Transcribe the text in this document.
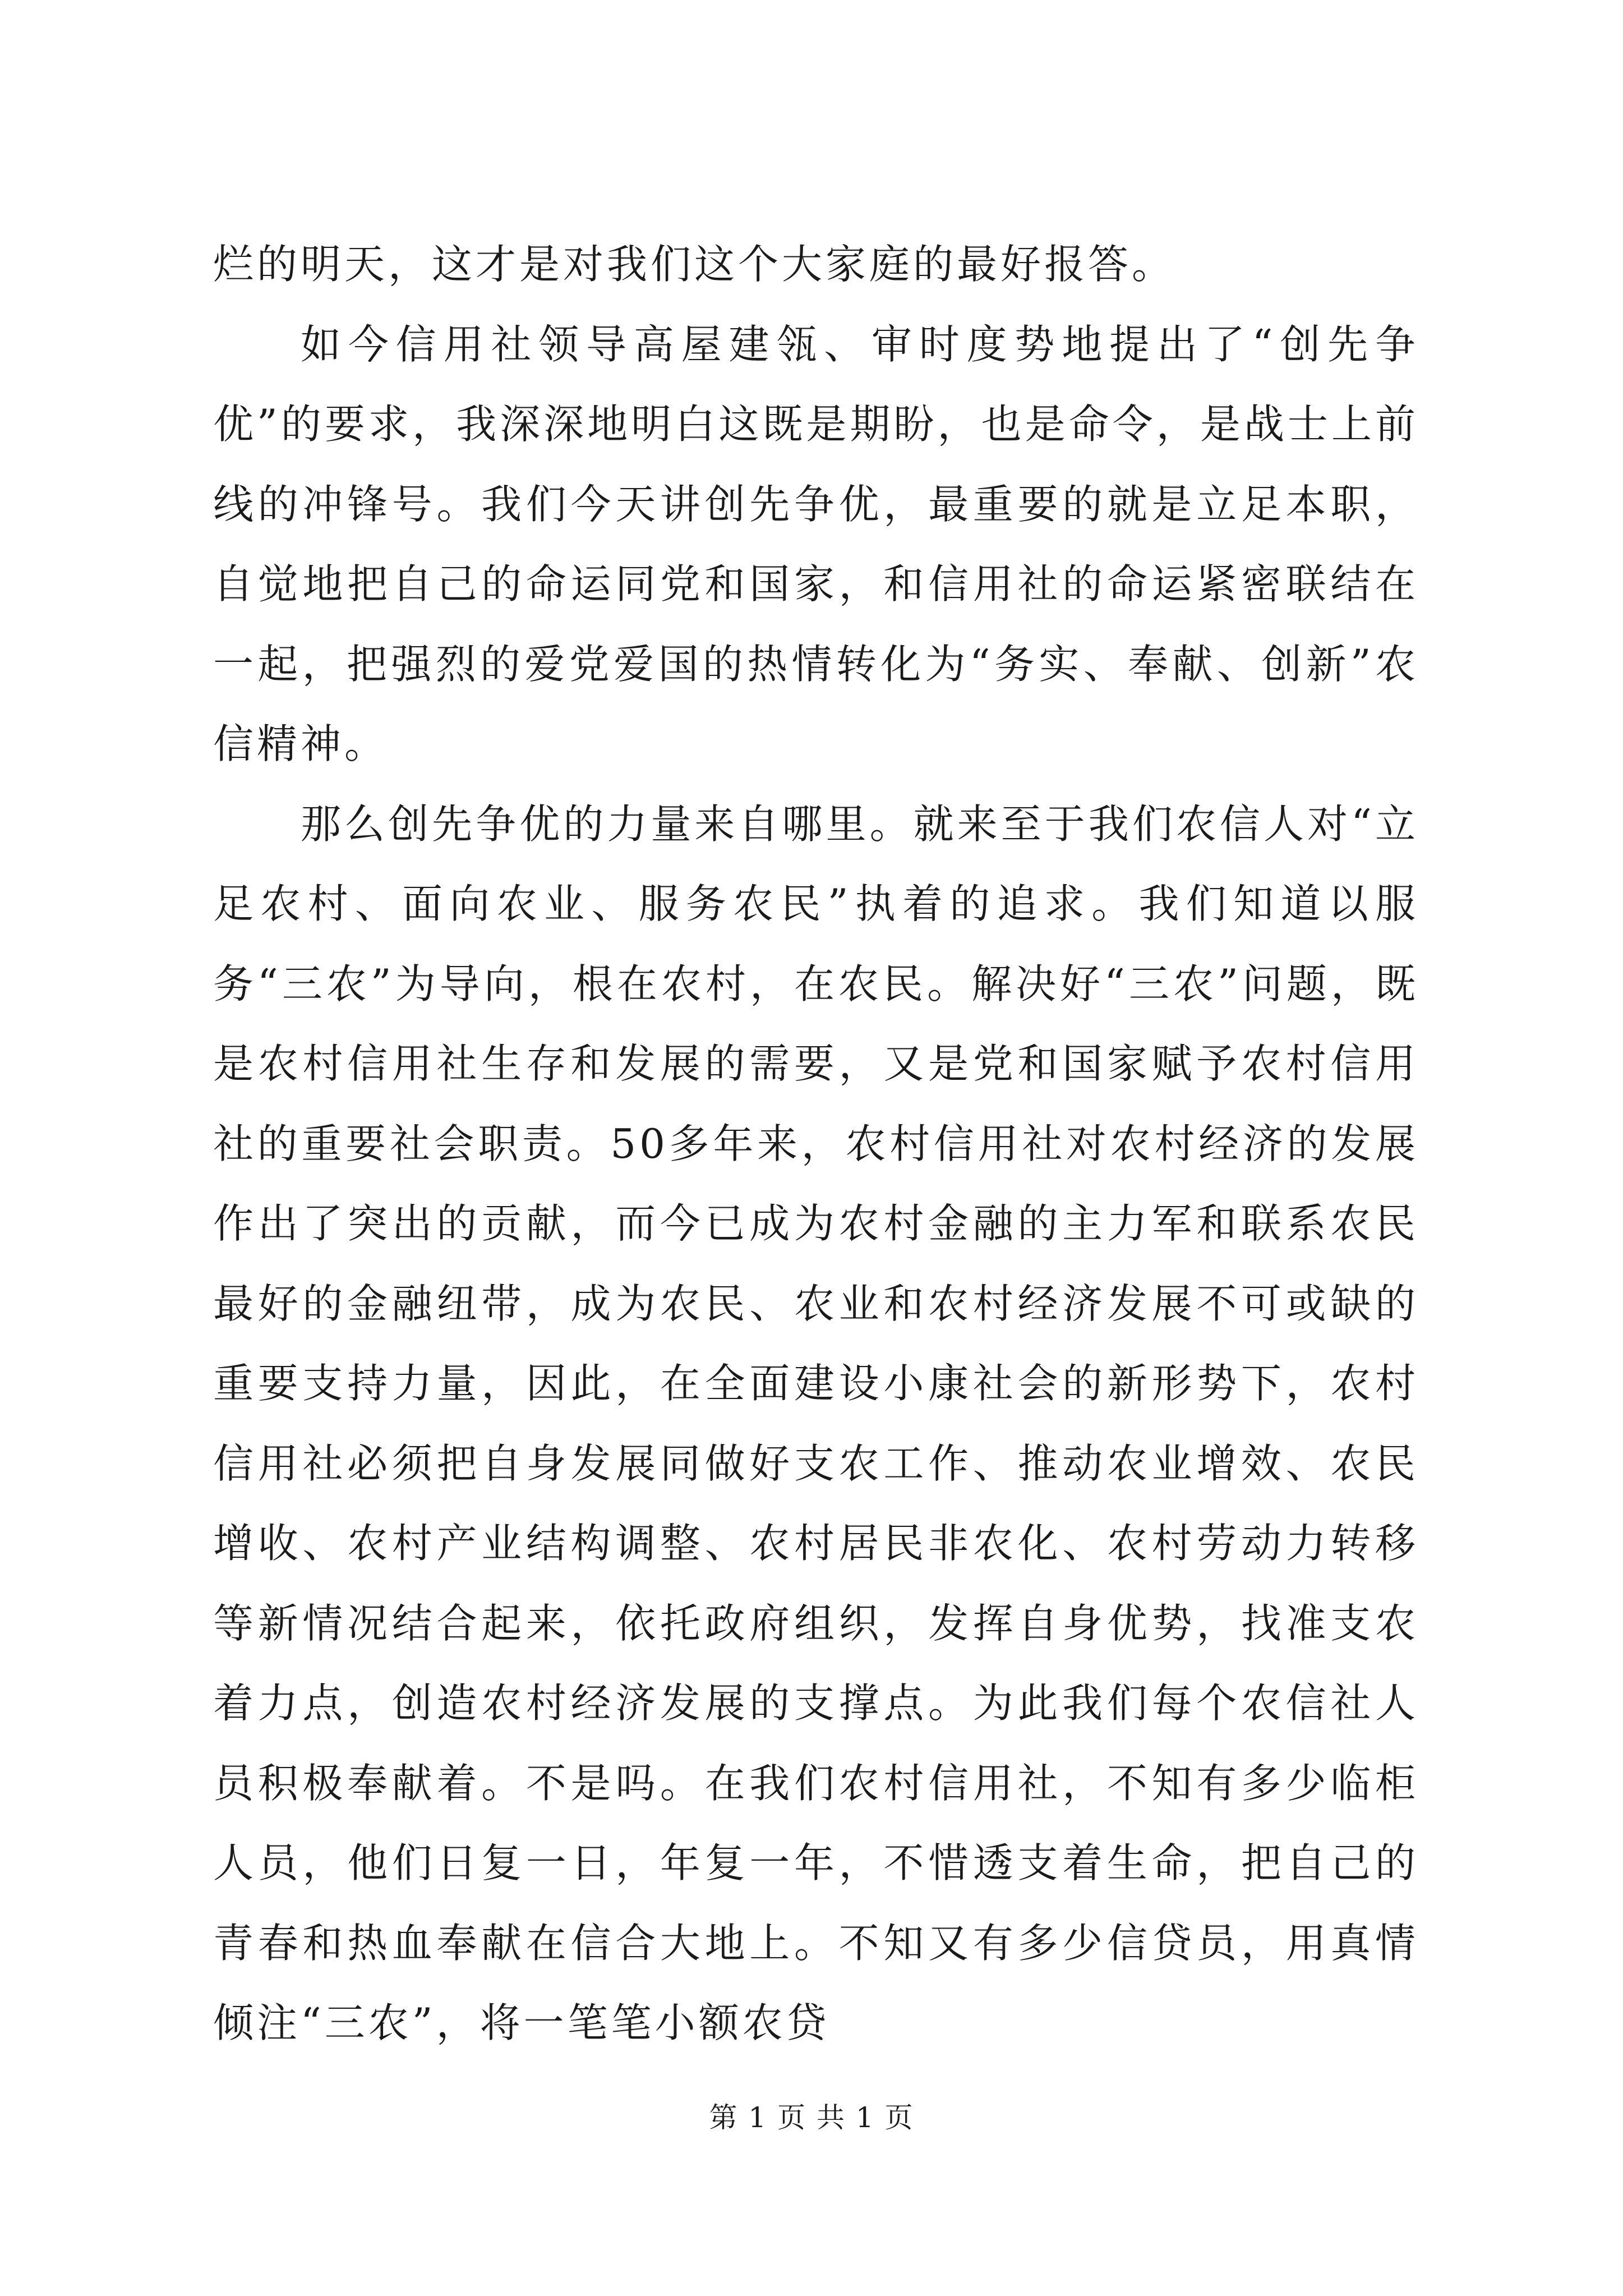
烂的明天，这才是对我们这个大家庭的最好报答。

如今信用社领导高屋建瓴、审时度势地提出了“创先争优”的要求，我深深地明白这既是期盼，也是命令，是战士上前线的冲锋号。我们今天讲创先争优，最重要的就是立足本职，自觉地把自己的命运同党和国家，和信用社的命运紧密联结在一起，把强烈的爱党爱国的热情转化为“务实、奉献、创新”农信精神。

那么创先争优的力量来自哪里。就来至于我们农信人对“立足农村、面向农业、服务农民”执着的追求。我们知道以服务“三农”为导向，根在农村，在农民。解决好“三农”问题，既是农村信用社生存和发展的需要，又是党和国家赋予农村信用社的重要社会职责。50多年来，农村信用社对农村经济的发展作出了突出的贡献，而今已成为农村金融的主力军和联系农民最好的金融纽带，成为农民、农业和农村经济发展不可或缺的重要支持力量，因此，在全面建设小康社会的新形势下，农村信用社必须把自身发展同做好支农工作、推动农业增效、农民增收、农村产业结构调整、农村居民非农化、农村劳动力转移等新情况结合起来，依托政府组织，发挥自身优势，找准支农着力点，创造农村经济发展的支撑点。为此我们每个农信社人员积极奉献着。不是吗。在我们农村信用社，不知有多少临柜人员，他们日复一日，年复一年，不惜透支着生命，把自己的青春和热血奉献在信合大地上。不知又有多少信贷员，用真情倾注“三农”，将一笔笔小额农贷

第 1 页 共 1 页
